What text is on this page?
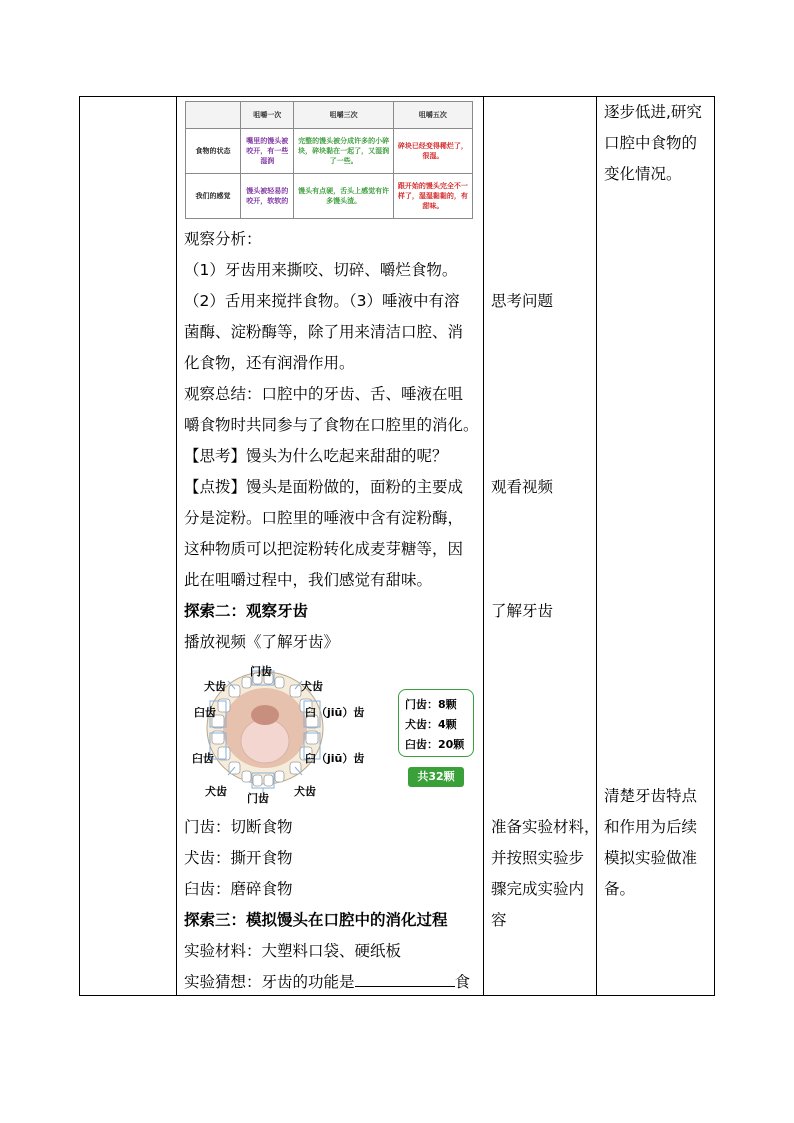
	咀嚼一次	咀嚼三次	咀嚼五次
食物的状态	嘴里的馒头被咬开，有一些湿润	完整的馒头被分成许多的小碎块，碎块黏在一起了，又湿润了一些。	碎块已经变得稀烂了，很湿。
我们的感觉	馒头被轻易的咬开，软软的	馒头有点硬，舌头上感觉有许多馒头渣。	跟开始的馒头完全不一样了，湿湿黏黏的，有甜味。
观察分析：
（1）牙齿用来撕咬、切碎、嚼烂食物。
（2）舌用来搅拌食物。（3）唾液中有溶
菌酶、淀粉酶等，除了用来清洁口腔、消
化食物，还有润滑作用。
观察总结：口腔中的牙齿、舌、唾液在咀
嚼食物时共同参与了食物在口腔里的消化。
【思考】馒头为什么吃起来甜甜的呢？
【点拨】馒头是面粉做的，面粉的主要成
分是淀粉。口腔里的唾液中含有淀粉酶，
这种物质可以把淀粉转化成麦芽糖等，因
此在咀嚼过程中，我们感觉有甜味。
探索二：观察牙齿
播放视频《了解牙齿》
门齿
犬齿	犬齿
臼齿	臼（jiū）齿
臼齿	臼（jiū）齿
犬齿	犬齿
门齿
门齿：8颗
犬齿：4颗
臼齿：20颗
共32颗
门齿：切断食物
犬齿：撕开食物
臼齿：磨碎食物
探索三：模拟馒头在口腔中的消化过程
实验材料：大塑料口袋、硬纸板
实验猜想：牙齿的功能是	食
思考问题
观看视频
了解牙齿
准备实验材料，
并按照实验步
骤完成实验内
容
逐步低进,研究
口腔中食物的
变化情况。
清楚牙齿特点
和作用为后续
模拟实验做准
备。
